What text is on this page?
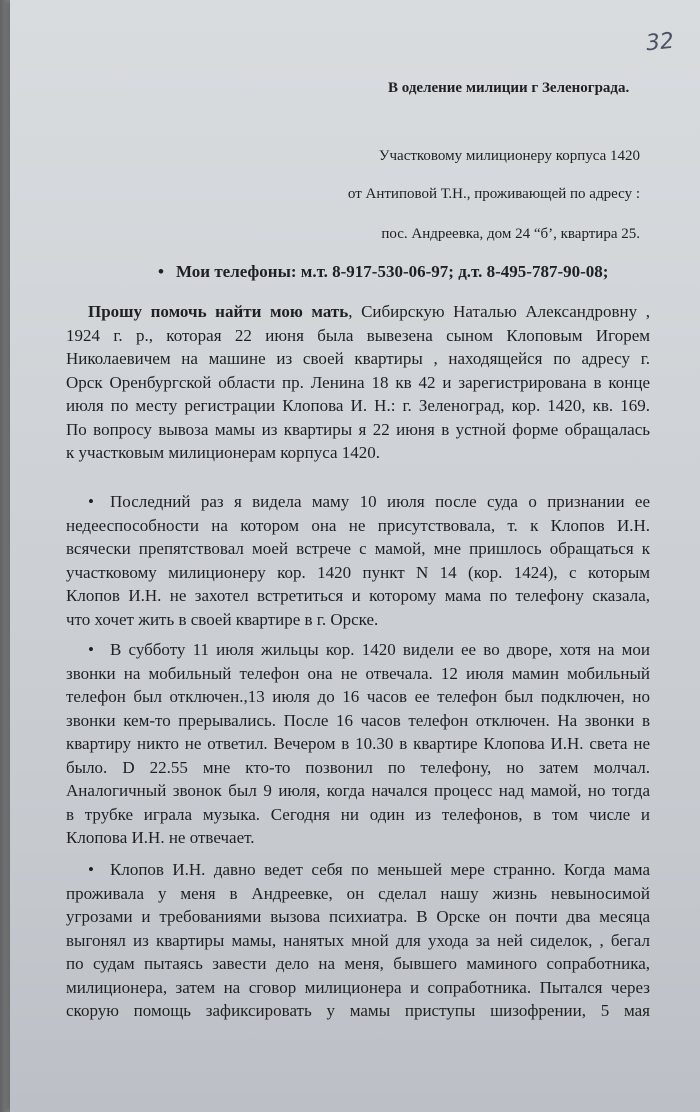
32
В оделение милиции г Зеленограда.
Участковому милиционеру корпуса 1420
от Антиповой Т.Н., проживающей по адресу :
пос. Андреевка, дом 24 “б’, квартира 25.
• Мои телефоны: м.т. 8-917-530-06-97; д.т. 8-495-787-90-08;
Прошу помочь найти мою мать, Сибирскую Наталью Александровну ,
1924 г. р., которая 22 июня была вывезена сыном Клоповым Игорем
Николаевичем на машине из своей квартиры , находящейся по адресу г.
Орск Оренбургской области пр. Ленина 18 кв 42 и зарегистрирована в конце
июля по месту регистрации Клопова И. Н.: г. Зеленоград, кор. 1420, кв. 169.
По вопросу вывоза мамы из квартиры я 22 июня в устной форме обращалась
к участковым милиционерам корпуса 1420.
• Последний раз я видела маму 10 июля после суда о признании ее
недееспособности на котором она не присутствовала, т. к Клопов И.Н.
всячески препятствовал моей встрече с мамой, мне пришлось обращаться к
участковому милиционеру кор. 1420 пункт N 14 (кор. 1424), с которым
Клопов И.Н. не захотел встретиться и которому мама по телефону сказала,
что хочет жить в своей квартире в г. Орске.
• В субботу 11 июля жильцы кор. 1420 видели ее во дворе, хотя на мои
звонки на мобильный телефон она не отвечала. 12 июля мамин мобильный
телефон был отключен.,13 июля до 16 часов ее телефон был подключен, но
звонки кем-то прерывались. После 16 часов телефон отключен. На звонки в
квартиру никто не ответил. Вечером в 10.30 в квартире Клопова И.Н. света не
было. D 22.55 мне кто-то позвонил по телефону, но затем молчал.
Аналогичный звонок был 9 июля, когда начался процесс над мамой, но тогда
в трубке играла музыка. Сегодня ни один из телефонов, в том числе и
Клопова И.Н. не отвечает.
• Клопов И.Н. давно ведет себя по меньшей мере странно. Когда мама
проживала у меня в Андреевке, он сделал нашу жизнь невыносимой
угрозами и требованиями вызова психиатра. В Орске он почти два месяца
выгонял из квартиры мамы, нанятых мной для ухода за ней сиделок, , бегал
по судам пытаясь завести дело на меня, бывшего маминого сопработника,
милиционера, затем на сговор милиционера и сопработника. Пытался через
скорую помощь зафиксировать у мамы приступы шизофрении, 5 мая
